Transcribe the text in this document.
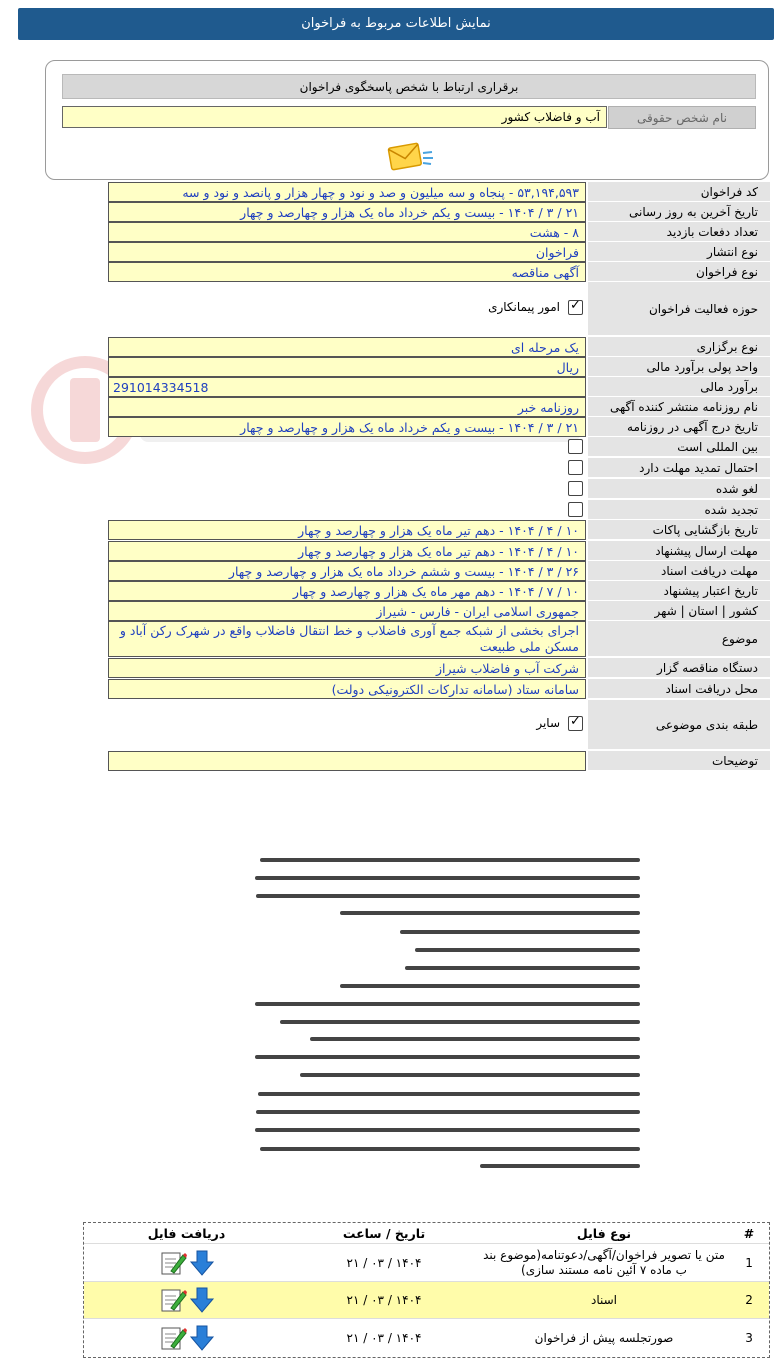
نمایش اطلاعات مربوط به فراخوان
برقراری ارتباط با شخص پاسخگوی فراخوان
نام شخص حقوقی
آب و فاضلاب کشور
کد فراخوان
۵۳,۱۹۴,۵۹۳ - پنجاه و سه میلیون و صد و نود و چهار هزار و پانصد و نود و سه
تاریخ آخرین به روز رسانی
۲۱ / ۳ / ۱۴۰۴ - بیست و یکم خرداد ماه یک هزار و چهارصد و چهار
تعداد دفعات بازدید
۸ - هشت
نوع انتشار
فراخوان
نوع فراخوان
آگهی مناقصه
حوزه فعالیت فراخوان
✓
امور پیمانکاری
نوع برگزاری
یک مرحله ای
واحد پولی برآورد مالی
ریال
برآورد مالی
291014334518
نام روزنامه منتشر کننده آگهی
روزنامه خبر
تاریخ درج آگهی در روزنامه
۲۱ / ۳ / ۱۴۰۴ - بیست و یکم خرداد ماه یک هزار و چهارصد و چهار
بین المللی است
احتمال تمدید مهلت دارد
لغو شده
تجدید شده
تاریخ بازگشایی پاکات
۱۰ / ۴ / ۱۴۰۴ - دهم تیر ماه یک هزار و چهارصد و چهار
مهلت ارسال پیشنهاد
۱۰ / ۴ / ۱۴۰۴ - دهم تیر ماه یک هزار و چهارصد و چهار
مهلت دریافت اسناد
۲۶ / ۳ / ۱۴۰۴ - بیست و ششم خرداد ماه یک هزار و چهارصد و چهار
تاریخ اعتبار پیشنهاد
۱۰ / ۷ / ۱۴۰۴ - دهم مهر ماه یک هزار و چهارصد و چهار
کشور | استان | شهر
جمهوری اسلامی ایران - فارس - شیراز
موضوع
اجرای بخشی از شبکه جمع آوری فاضلاب و خط انتقال فاضلاب واقع در شهرک رکن آباد و مسکن ملی طبیعت
دستگاه مناقصه گزار
شرکت آب و فاضلاب شیراز
محل دریافت اسناد
سامانه ستاد (سامانه تدارکات الکترونیکی دولت)
طبقه بندی موضوعی
✓
سایر
توضیحات
#
نوع فایل
تاریخ / ساعت
دریافت فایل
1
متن یا تصویر فراخوان/آگهی/دعوتنامه(موضوع بند ب ماده ۷ آئین نامه مستند سازی)
۱۴۰۴ / ۰۳ / ۲۱
2
اسناد
۱۴۰۴ / ۰۳ / ۲۱
3
صورتجلسه پیش از فراخوان
۱۴۰۴ / ۰۳ / ۲۱
